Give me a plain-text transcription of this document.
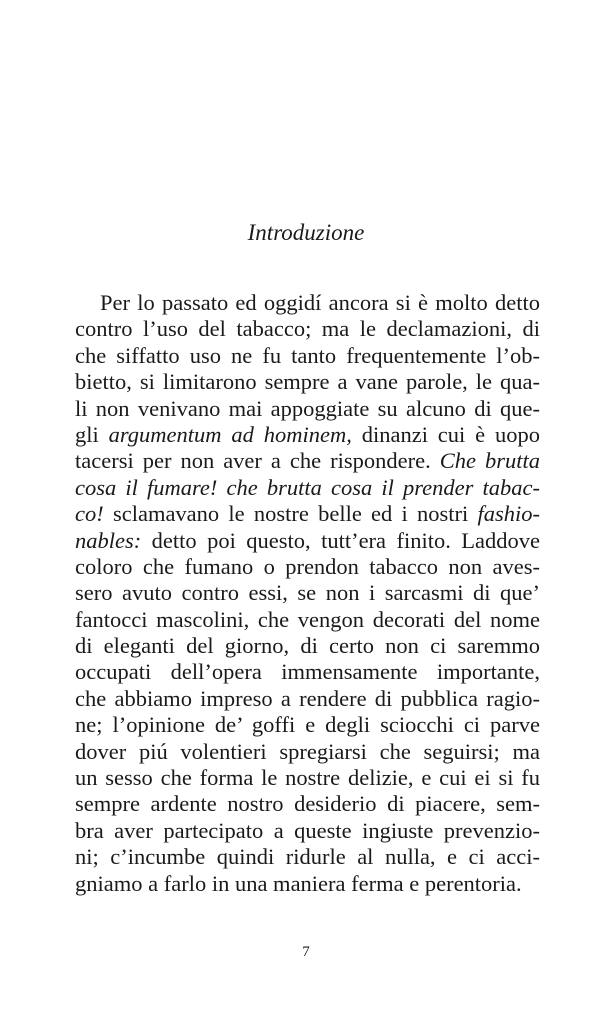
Introduzione
Per lo passato ed oggidí ancora si è molto detto
contro l’uso del tabacco; ma le declamazioni, di
che siffatto uso ne fu tanto frequentemente l’ob-
bietto, si limitarono sempre a vane parole, le qua-
li non venivano mai appoggiate su alcuno di que-
gli argumentum ad hominem, dinanzi cui è uopo
tacersi per non aver a che rispondere. Che brutta
cosa il fumare! che brutta cosa il prender tabac-
co! sclamavano le nostre belle ed i nostri fashio-
nables: detto poi questo, tutt’era finito. Laddove
coloro che fumano o prendon tabacco non aves-
sero avuto contro essi, se non i sarcasmi di que’
fantocci mascolini, che vengon decorati del nome
di eleganti del giorno, di certo non ci saremmo
occupati dell’opera immensamente importante,
che abbiamo impreso a rendere di pubblica ragio-
ne; l’opinione de’ goffi e degli sciocchi ci parve
dover piú volentieri spregiarsi che seguirsi; ma
un sesso che forma le nostre delizie, e cui ei si fu
sempre ardente nostro desiderio di piacere, sem-
bra aver partecipato a queste ingiuste prevenzio-
ni; c’incumbe quindi ridurle al nulla, e ci acci-
gniamo a farlo in una maniera ferma e perentoria.
7
